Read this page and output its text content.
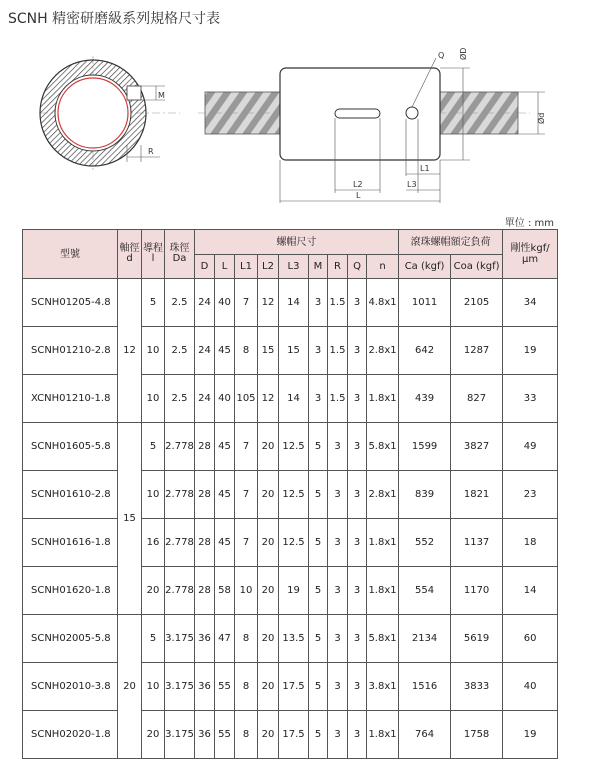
SCNH 精密研磨級系列規格尺寸表
M
R
ØD
Q
Ød
L1
L2	L3
L
單位 : mm
型號	軸徑d	導程l	珠徑Da	螺帽尺寸									滾珠螺帽額定負荷		剛性kgf/μm
				D	L	L1	L2	L3	M	R	Q	n	Ca (kgf)	Coa (kgf)	
SCNH01205-4.8	12	5	2.5	24	40	7	12	14	3	1.5	3	4.8x1	1011	2105	34
SCNH01210-2.8		10	2.5	24	45	8	15	15	3	1.5	3	2.8x1	642	1287	19
XCNH01210-1.8		10	2.5	24	40	105	12	14	3	1.5	3	1.8x1	439	827	33
SCNH01605-5.8	15	5	2.778	28	45	7	20	12.5	5	3	3	5.8x1	1599	3827	49
SCNH01610-2.8		10	2.778	28	45	7	20	12.5	5	3	3	2.8x1	839	1821	23
SCNH01616-1.8		16	2.778	28	45	7	20	12.5	5	3	3	1.8x1	552	1137	18
SCNH01620-1.8		20	2.778	28	58	10	20	19	5	3	3	1.8x1	554	1170	14
SCNH02005-5.8	20	5	3.175	36	47	8	20	13.5	5	3	3	5.8x1	2134	5619	60
SCNH02010-3.8		10	3.175	36	55	8	20	17.5	5	3	3	3.8x1	1516	3833	40
SCNH02020-1.8		20	3.175	36	55	8	20	17.5	5	3	3	1.8x1	764	1758	19
